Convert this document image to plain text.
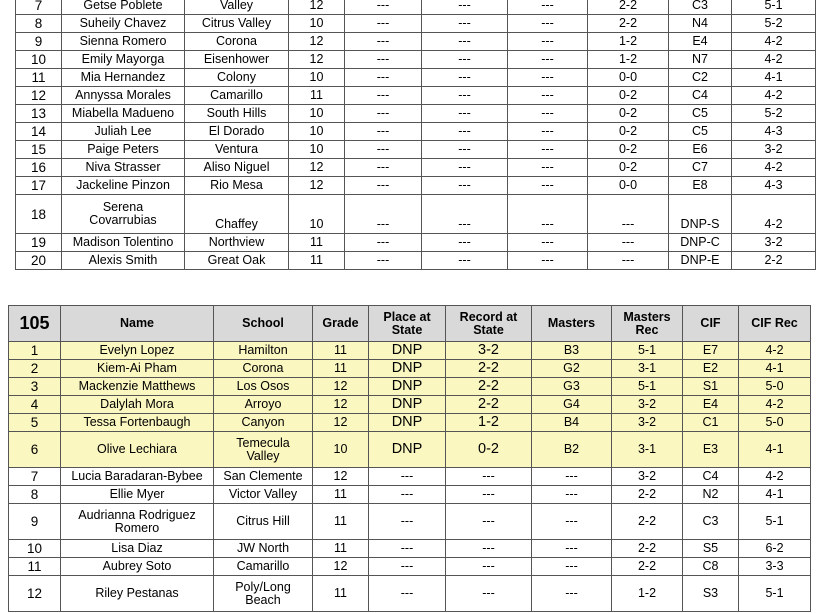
7	Getse Poblete	Valley	12	---	---	---	2-2	C3	5-1
8	Suheily Chavez	Citrus Valley	10	---	---	---	2-2	N4	5-2
9	Sienna Romero	Corona	12	---	---	---	1-2	E4	4-2
10	Emily Mayorga	Eisenhower	12	---	---	---	1-2	N7	4-2
11	Mia Hernandez	Colony	10	---	---	---	0-0	C2	4-1
12	Annyssa Morales	Camarillo	11	---	---	---	0-2	C4	4-2
13	Miabella Madueno	South Hills	10	---	---	---	0-2	C5	5-2
14	Juliah Lee	El Dorado	10	---	---	---	0-2	C5	4-3
15	Paige Peters	Ventura	10	---	---	---	0-2	E6	3-2
16	Niva Strasser	Aliso Niguel	12	---	---	---	0-2	C7	4-2
17	Jackeline Pinzon	Rio Mesa	12	---	---	---	0-0	E8	4-3
18	Serena
Covarrubias	Chaffey	10	---	---	---	---	DNP-S	4-2
19	Madison Tolentino	Northview	11	---	---	---	---	DNP-C	3-2
20	Alexis Smith	Great Oak	11	---	---	---	---	DNP-E	2-2
105	Name	School	Grade	Place at
State	Record at
State	Masters	Masters
Rec	CIF	CIF Rec
1	Evelyn Lopez	Hamilton	11	DNP	3-2	B3	5-1	E7	4-2
2	Kiem-Ai Pham	Corona	11	DNP	2-2	G2	3-1	E2	4-1
3	Mackenzie Matthews	Los Osos	12	DNP	2-2	G3	5-1	S1	5-0
4	Dalylah Mora	Arroyo	12	DNP	2-2	G4	3-2	E4	4-2
5	Tessa Fortenbaugh	Canyon	12	DNP	1-2	B4	3-2	C1	5-0
6	Olive Lechiara	Temecula
Valley	10	DNP	0-2	B2	3-1	E3	4-1
7	Lucia Baradaran-Bybee	San Clemente	12	---	---	---	3-2	C4	4-2
8	Ellie Myer	Victor Valley	11	---	---	---	2-2	N2	4-1
9	Audrianna Rodriguez
Romero	Citrus Hill	11	---	---	---	2-2	C3	5-1
10	Lisa Diaz	JW North	11	---	---	---	2-2	S5	6-2
11	Aubrey Soto	Camarillo	12	---	---	---	2-2	C8	3-3
12	Riley Pestanas	Poly/Long
Beach	11	---	---	---	1-2	S3	5-1
